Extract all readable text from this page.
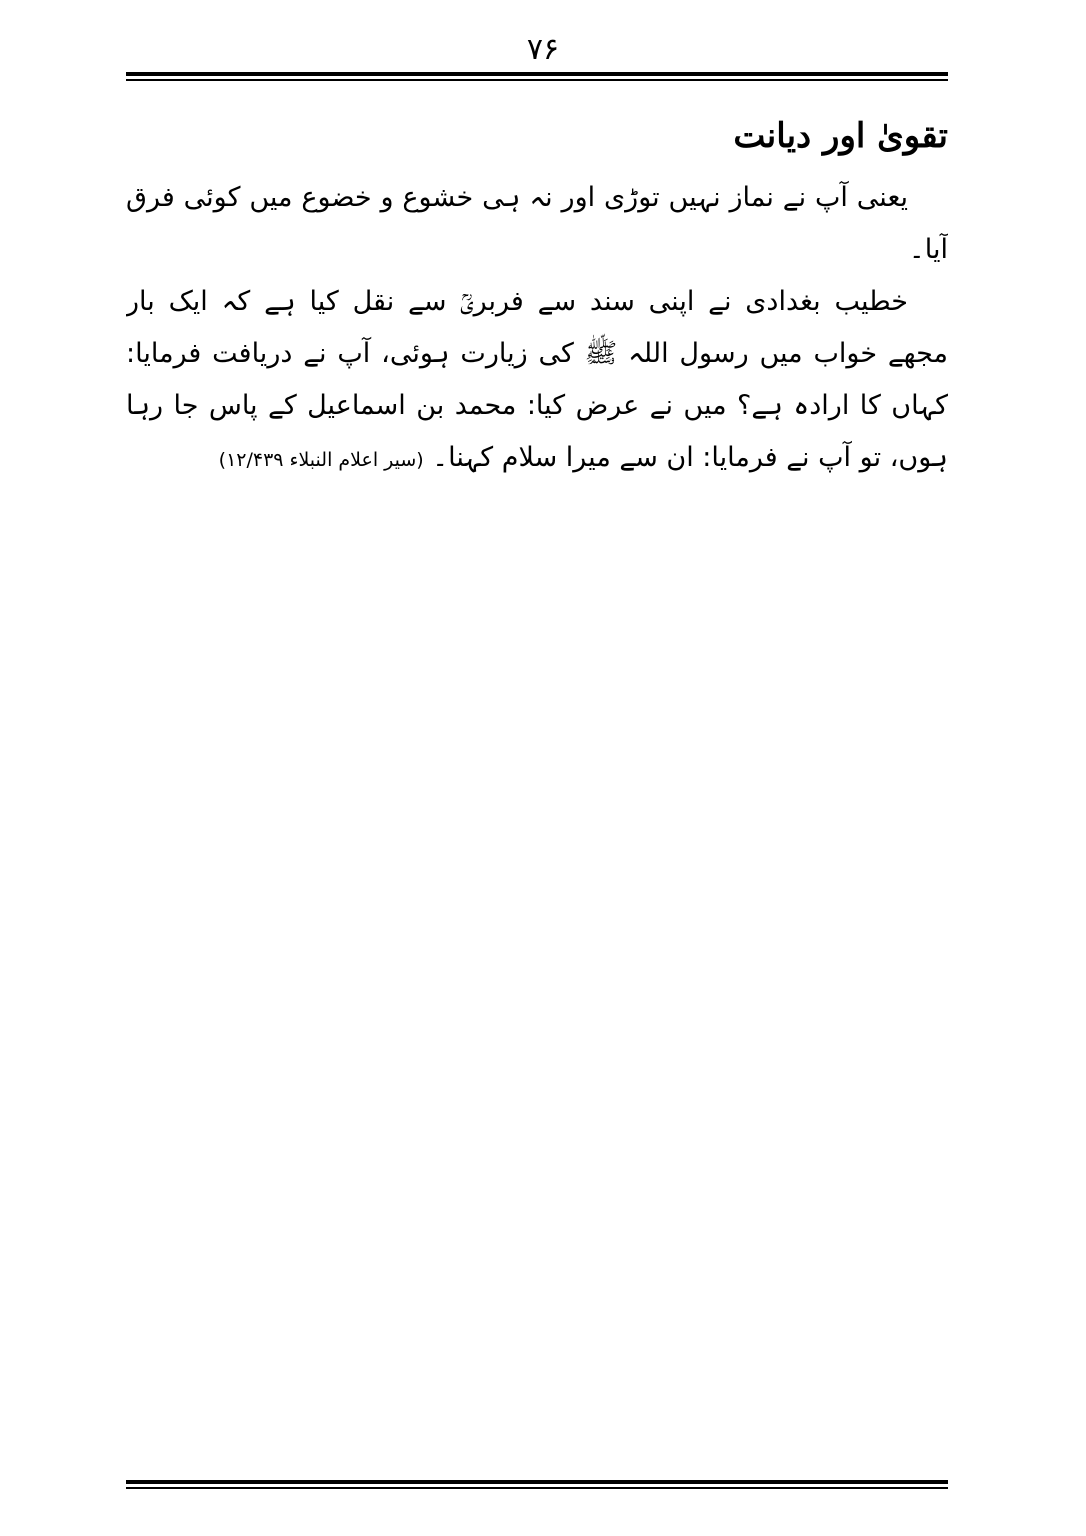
۷۶
تقویٰ اور دیانت

یعنی آپ نے نماز نہیں توڑی اور نہ ہی خشوع و خضوع میں کوئی فرق آیا۔

خطیب بغدادی نے اپنی سند سے فربریؒ سے نقل کیا ہے کہ ایک بار مجھے خواب میں رسول اللہ ﷺ کی زیارت ہوئی، آپ نے دریافت فرمایا: کہاں کا ارادہ ہے؟ میں نے عرض کیا: محمد بن اسماعیل کے پاس جا رہا ہوں، تو آپ نے فرمایا: ان سے میرا سلام کہنا۔ (سیر اعلام النبلاء ۱۲/۴۳۹)
